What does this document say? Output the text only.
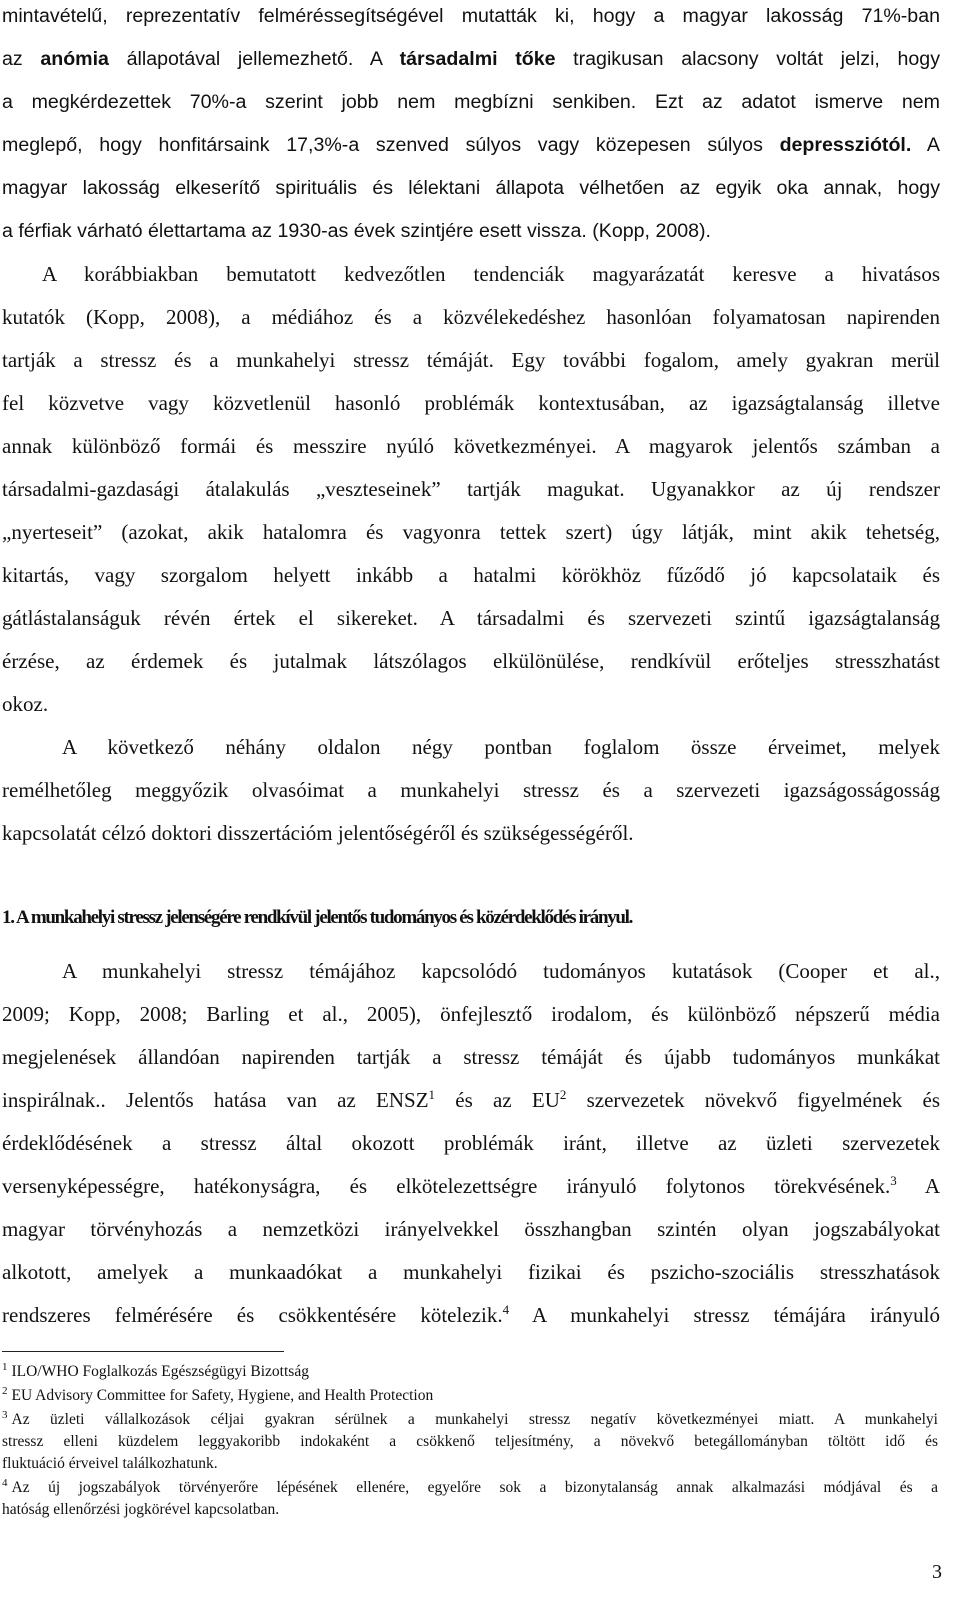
mintavételű, reprezentatív felméréssegítségével mutatták ki, hogy a magyar lakosság 71%-ban
az anómia állapotával jellemezhető. A társadalmi tőke tragikusan alacsony voltát jelzi, hogy
a megkérdezettek 70%-a szerint jobb nem megbízni senkiben. Ezt az adatot ismerve nem
meglepő, hogy honfitársaink 17,3%-a szenved súlyos vagy közepesen súlyos depressziótól. A
magyar lakosság elkeserítő spirituális és lélektani állapota vélhetően az egyik oka annak, hogy
a férfiak várható élettartama az 1930-as évek szintjére esett vissza. (Kopp, 2008).
A korábbiakban bemutatott kedvezőtlen tendenciák magyarázatát keresve a hivatásos
kutatók (Kopp, 2008), a médiához és a közvélekedéshez hasonlóan folyamatosan napirenden
tartják a stressz és a munkahelyi stressz témáját. Egy további fogalom, amely gyakran merül
fel közvetve vagy közvetlenül hasonló problémák kontextusában, az igazságtalanság illetve
annak különböző formái és messzire nyúló következményei. A magyarok jelentős számban a
társadalmi-gazdasági átalakulás „veszteseinek” tartják magukat. Ugyanakkor az új rendszer
„nyerteseit” (azokat, akik hatalomra és vagyonra tettek szert) úgy látják, mint akik tehetség,
kitartás, vagy szorgalom helyett inkább a hatalmi körökhöz fűződő jó kapcsolataik és
gátlástalanságuk révén értek el sikereket. A társadalmi és szervezeti szintű igazságtalanság
érzése, az érdemek és jutalmak látszólagos elkülönülése, rendkívül erőteljes stresszhatást
okoz.
A következő néhány oldalon négy pontban foglalom össze érveimet, melyek
remélhetőleg meggyőzik olvasóimat a munkahelyi stressz és a szervezeti igazságosságosság
kapcsolatát célzó doktori disszertációm jelentőségéről és szükségességéről.
1. A munkahelyi stressz jelenségére rendkívül jelentős tudományos és közérdeklődés irányul.
A munkahelyi stressz témájához kapcsolódó tudományos kutatások (Cooper et al.,
2009; Kopp, 2008; Barling et al., 2005), önfejlesztő irodalom, és különböző népszerű média
megjelenések állandóan napirenden tartják a stressz témáját és újabb tudományos munkákat
inspirálnak.. Jelentős hatása van az ENSZ$^1$ és az $EU^2$ szervezetek növekvő figyelmének és
érdeklődésének a stressz által okozott problémák iránt, illetve az üzleti szervezetek
versenyképességre, hatékonyságra, és elkötelezettségre irányuló folytonos törekvésének.$^3$ A
magyar törvényhozás a nemzetközi irányelvekkel összhangban szintén olyan jogszabályokat
alkotott, amelyek a munkaadókat a munkahelyi fizikai és pszicho-szociális stresszhatások
rendszeres felmérésére és csökkentésére kötelezik.$^4$ A munkahelyi stressz témájára irányuló
$^1$ ILO/WHO Foglalkozás Egészségügyi Bizottság
$^2$ EU Advisory Committee for Safety, Hygiene, and Health Protection
$^3$ Az üzleti vállalkozások céljai gyakran sérülnek a munkahelyi stressz negatív következményei miatt. A munkahelyi
stressz elleni küzdelem leggyakoribb indokaként a csökkenő teljesítmény, a növekvő betegállományban töltött idő és
fluktuáció érveivel találkozhatunk.
$^4$ Az új jogszabályok törvényerőre lépésének ellenére, egyelőre sok a bizonytalanság annak alkalmazási módjával és a
hatóság ellenőrzési jogkörével kapcsolatban.
3
